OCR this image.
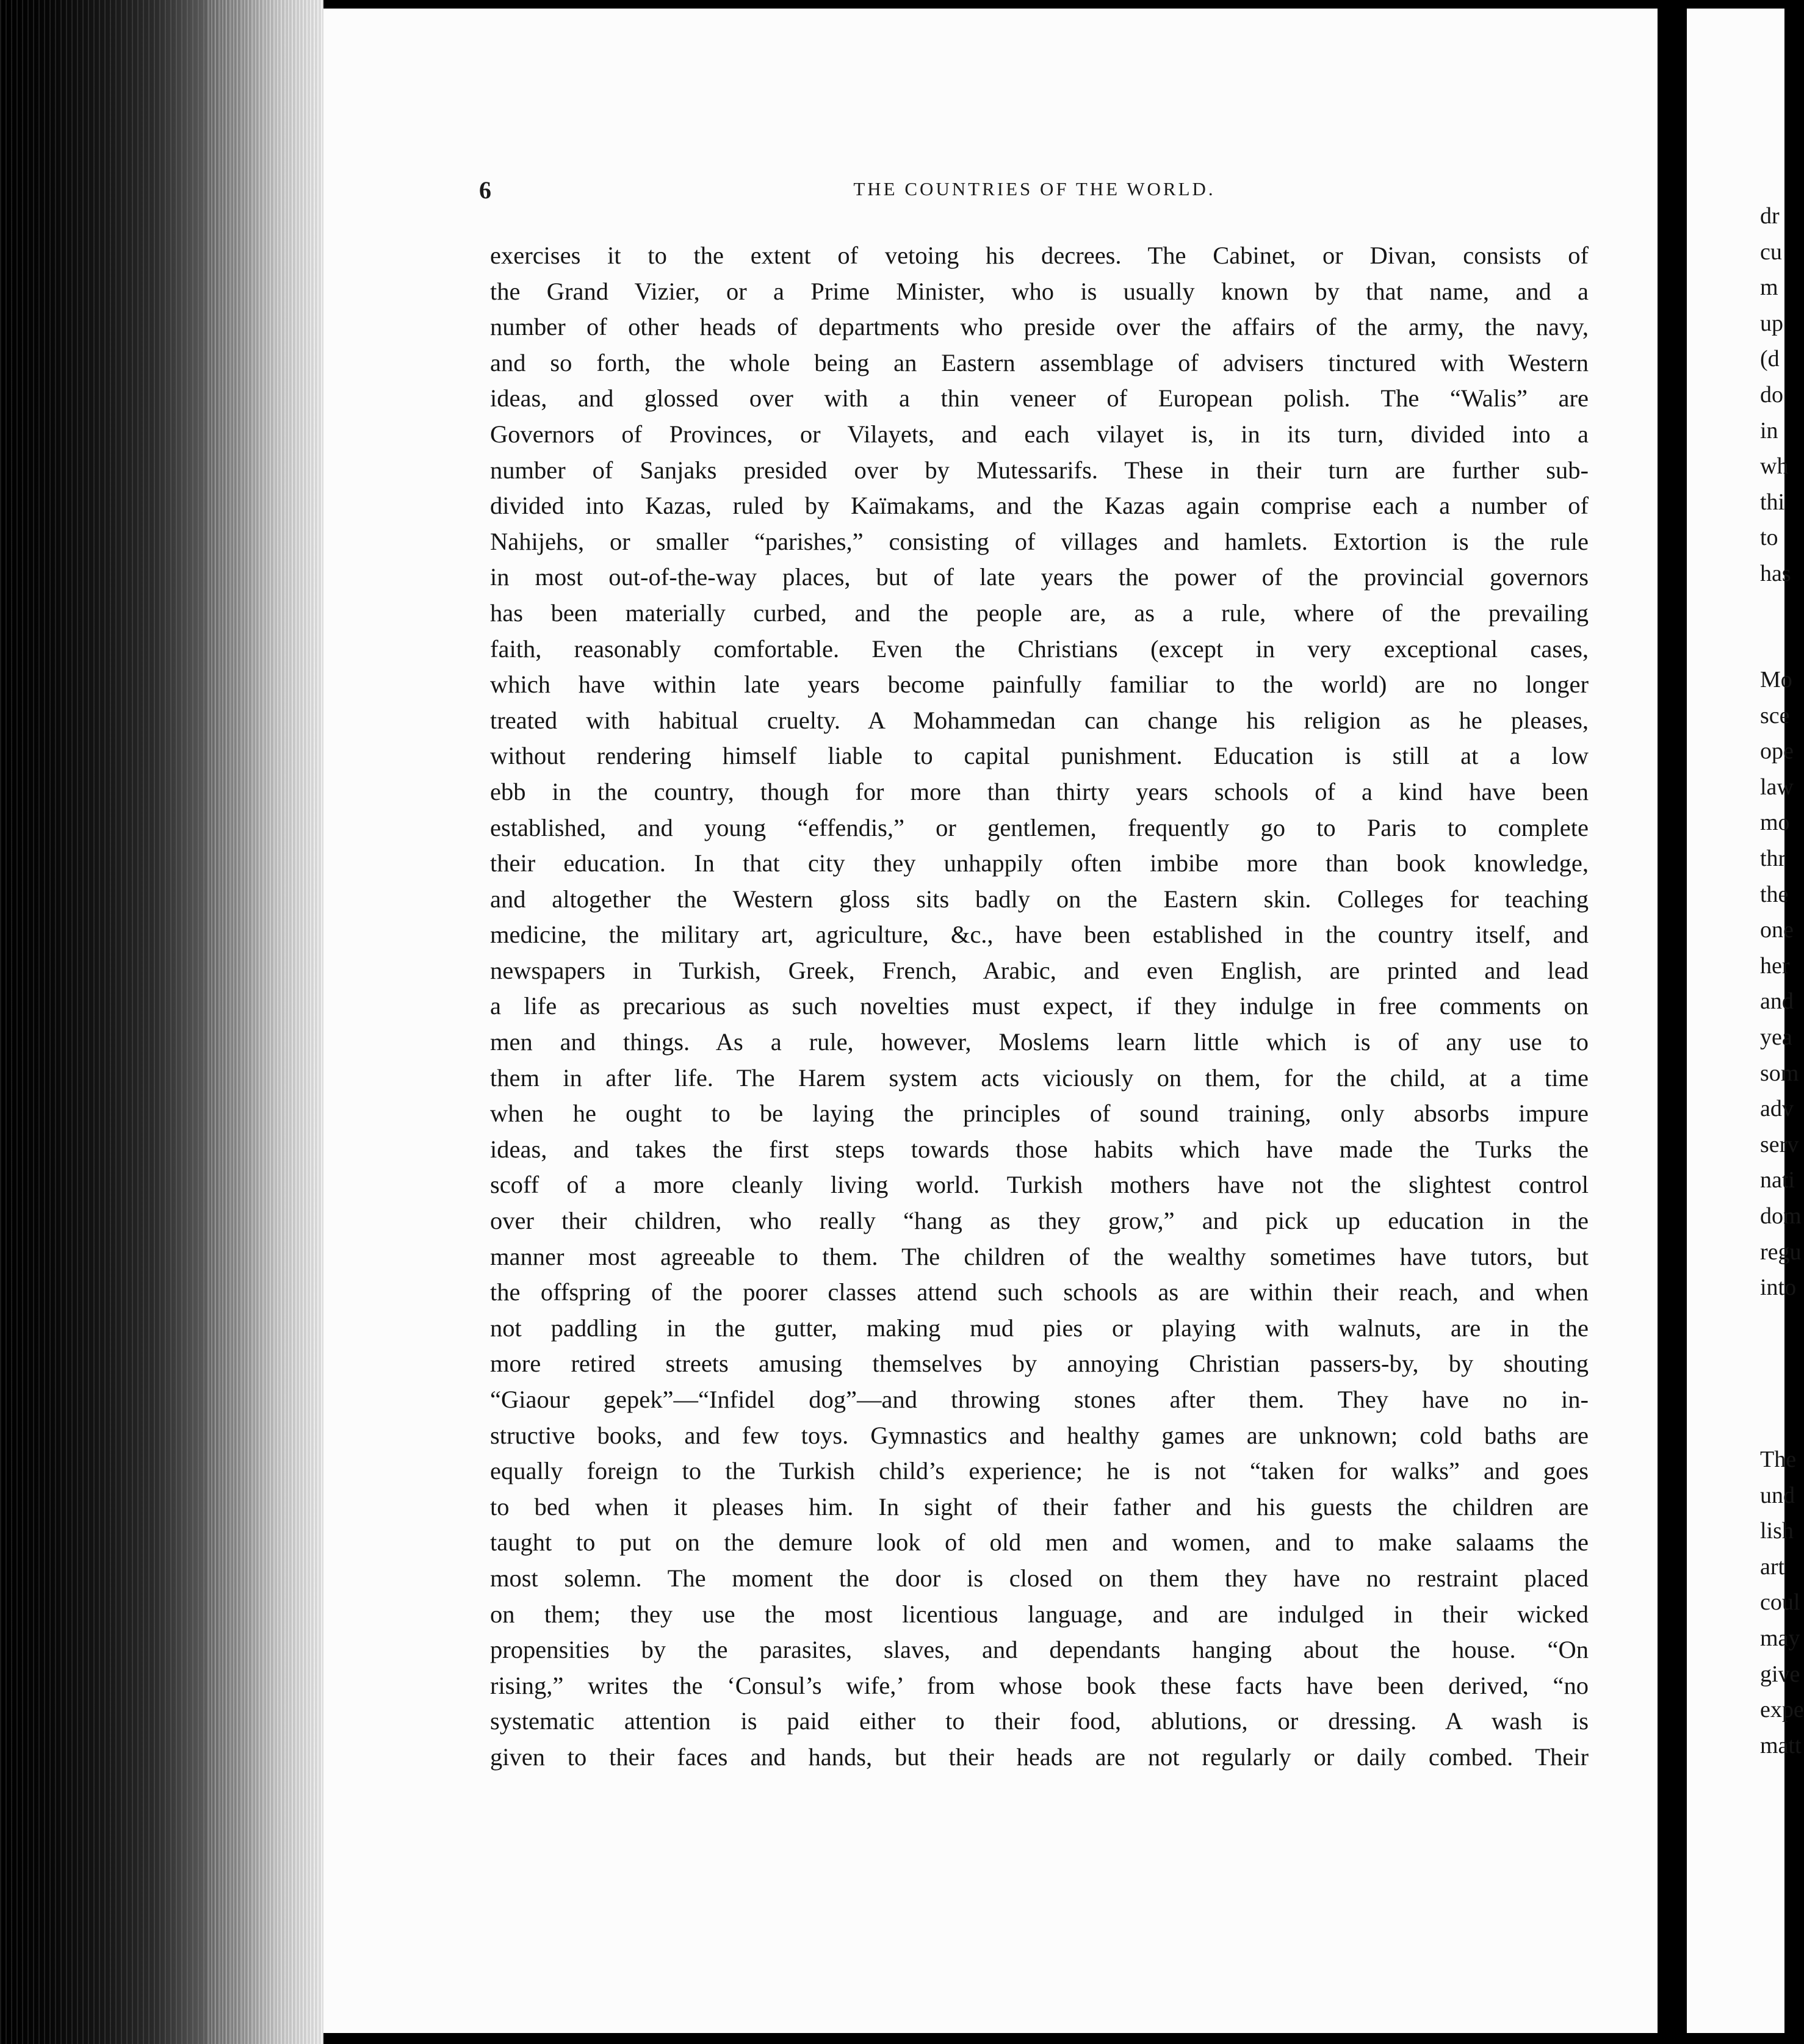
6	THE COUNTRIES OF THE WORLD.
exercises it to the extent of vetoing his decrees. The Cabinet, or Divan, consists of
the Grand Vizier, or a Prime Minister, who is usually known by that name, and a
number of other heads of departments who preside over the affairs of the army, the navy,
and so forth, the whole being an Eastern assemblage of advisers tinctured with Western
ideas, and glossed over with a thin veneer of European polish. The “Walis” are
Governors of Provinces, or Vilayets, and each vilayet is, in its turn, divided into a
number of Sanjaks presided over by Mutessarifs. These in their turn are further sub-
divided into Kazas, ruled by Kaïmakams, and the Kazas again comprise each a number of
Nahijehs, or smaller “parishes,” consisting of villages and hamlets. Extortion is the rule
in most out-of-the-way places, but of late years the power of the provincial governors
has been materially curbed, and the people are, as a rule, where of the prevailing
faith, reasonably comfortable. Even the Christians (except in very exceptional cases,
which have within late years become painfully familiar to the world) are no longer
treated with habitual cruelty. A Mohammedan can change his religion as he pleases,
without rendering himself liable to capital punishment. Education is still at a low
ebb in the country, though for more than thirty years schools of a kind have been
established, and young “effendis,” or gentlemen, frequently go to Paris to complete
their education. In that city they unhappily often imbibe more than book knowledge,
and altogether the Western gloss sits badly on the Eastern skin. Colleges for teaching
medicine, the military art, agriculture, &c., have been established in the country itself, and
newspapers in Turkish, Greek, French, Arabic, and even English, are printed and lead
a life as precarious as such novelties must expect, if they indulge in free comments on
men and things. As a rule, however, Moslems learn little which is of any use to
them in after life. The Harem system acts viciously on them, for the child, at a time
when he ought to be laying the principles of sound training, only absorbs impure
ideas, and takes the first steps towards those habits which have made the Turks the
scoff of a more cleanly living world. Turkish mothers have not the slightest control
over their children, who really “hang as they grow,” and pick up education in the
manner most agreeable to them. The children of the wealthy sometimes have tutors, but
the offspring of the poorer classes attend such schools as are within their reach, and when
not paddling in the gutter, making mud pies or playing with walnuts, are in the
more retired streets amusing themselves by annoying Christian passers-by, by shouting
“Giaour gepek”—“Infidel dog”—and throwing stones after them. They have no in-
structive books, and few toys. Gymnastics and healthy games are unknown; cold baths are
equally foreign to the Turkish child’s experience; he is not “taken for walks” and goes
to bed when it pleases him. In sight of their father and his guests the children are
taught to put on the demure look of old men and women, and to make salaams the
most solemn. The moment the door is closed on them they have no restraint placed
on them; they use the most licentious language, and are indulged in their wicked
propensities by the parasites, slaves, and dependants hanging about the house. “On
rising,” writes the ‘Consul’s wife,’ from whose book these facts have been derived, “no
systematic attention is paid either to their food, ablutions, or dressing. A wash is
given to their faces and hands, but their heads are not regularly or daily combed. Their
dr
cu
m
up
(d
do
in
wh
thi
to
has
Mo
sce
ope
law
mo
thr
the
one
her
and
yea
som
adv
serv
nati
dom
regu
into
The
und
lish
art
coul
may
give
expe
matt
